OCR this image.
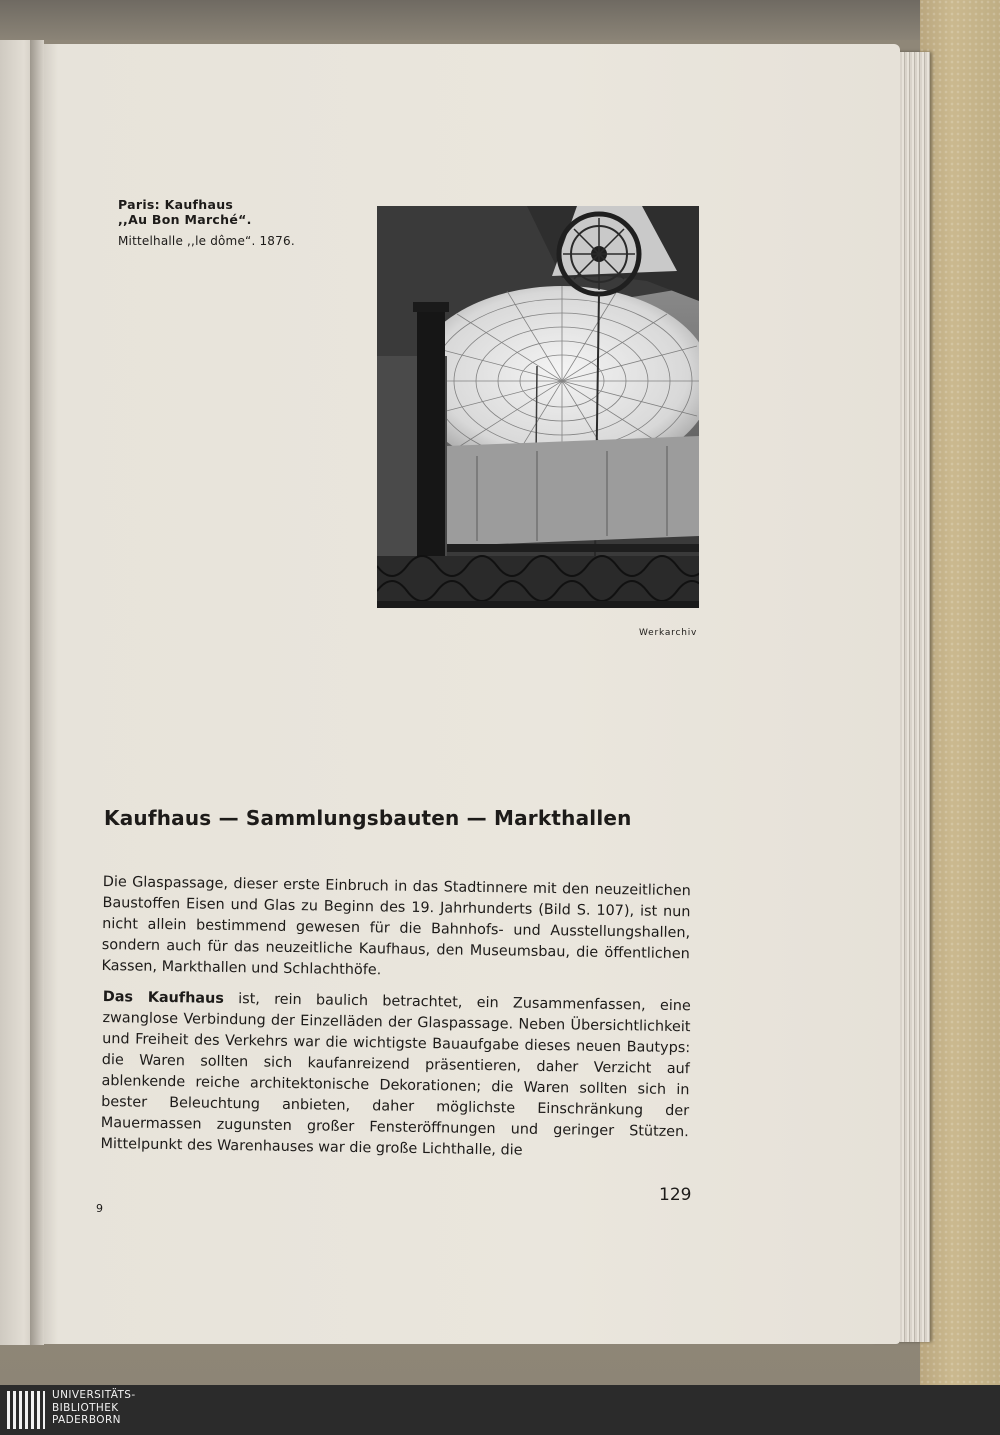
Paris: Kaufhaus
,,Au Bon Marché“.
Mittelhalle ,,le dôme“. 1876.
Werkarchiv
Kaufhaus — Sammlungsbauten — Markthallen
Die Glaspassage, dieser erste Einbruch in das Stadtinnere mit den neuzeitlichen Baustoffen Eisen und Glas zu Beginn des 19. Jahrhunderts (Bild S. 107), ist nun nicht allein bestimmend gewesen für die Bahnhofs- und Ausstellungshallen, sondern auch für das neuzeitliche Kaufhaus, den Museumsbau, die öffentlichen Kassen, Markthallen und Schlachthöfe.
Das Kaufhaus ist, rein baulich betrachtet, ein Zusammenfassen, eine zwanglose Verbindung der Einzelläden der Glaspassage. Neben Übersichtlichkeit und Freiheit des Verkehrs war die wichtigste Bauaufgabe dieses neuen Bautyps: die Waren sollten sich kaufanreizend präsentieren, daher Verzicht auf ablenkende reiche architektonische Dekorationen; die Waren sollten sich in bester Beleuchtung anbieten, daher möglichste Einschränkung der Mauermassen zugunsten großer Fensteröffnungen und geringer Stützen. Mittelpunkt des Warenhauses war die große Lichthalle, die
129
9
UNIVERSITÄTS-
BIBLIOTHEK
PADERBORN
